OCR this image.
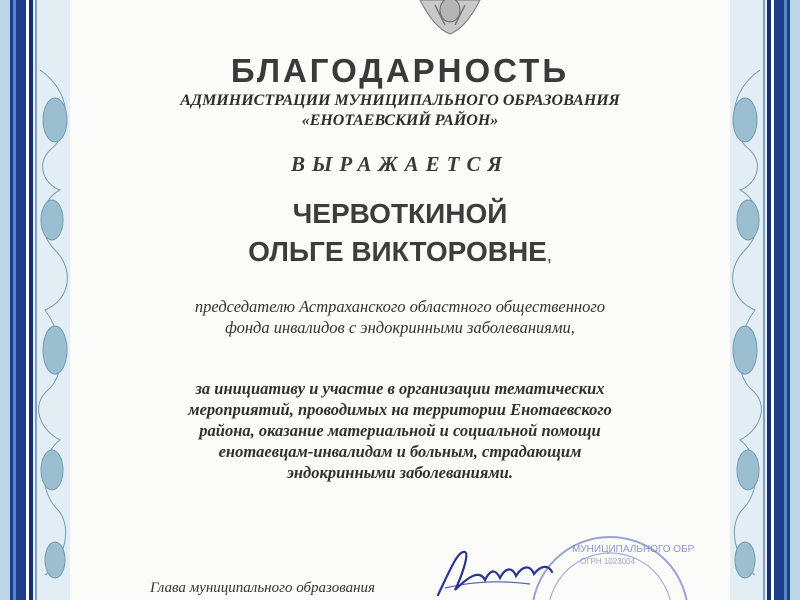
БЛАГОДАРНОСТЬ
АДМИНИСТРАЦИИ МУНИЦИПАЛЬНОГО ОБРАЗОВАНИЯ
«ЕНОТАЕВСКИЙ РАЙОН»
ВЫРАЖАЕТСЯ
ЧЕРВОТКИНОЙ
ОЛЬГЕ ВИКТОРОВНЕ,

председателю Астраханского областного общественного

фонда инвалидов с эндокринными заболеваниями,

за инициативу и участие в организации тематических

мероприятий, проводимых на территории Енотаевского

района, оказание материальной и социальной помощи

енотаевцам-инвалидам и больным, страдающим

эндокринными заболеваниями.

МУНИЦИПАЛЬНОГО ОБР
ОГРН 1023004
Глава муниципального образования
